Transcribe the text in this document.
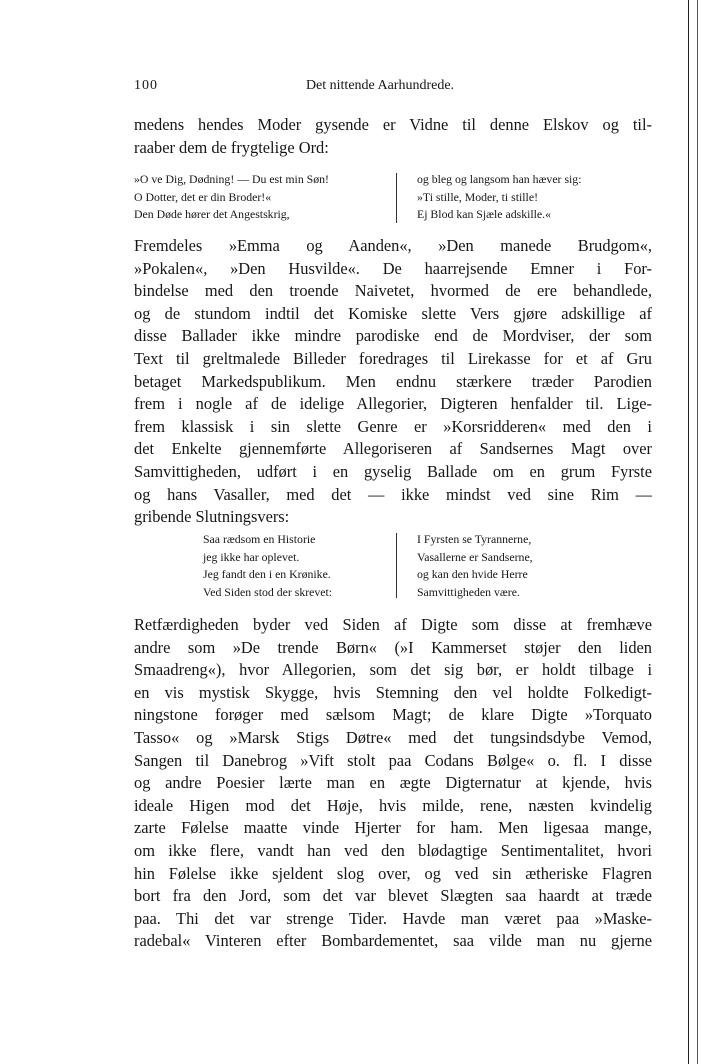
100	Det nittende Aarhundrede.
medens hendes Moder gysende er Vidne til denne Elskov og til-
raaber dem de frygtelige Ord:
»O ve Dig, Dødning! — Du est min Søn!
O Dotter, det er din Broder!«
Den Døde hører det Angestskrig,
og bleg og langsom han hæver sig:
»Ti stille, Moder, ti stille!
Ej Blod kan Sjæle adskille.«
Fremdeles »Emma og Aanden«, »Den manede Brudgom«,
»Pokalen«, »Den Husvilde«. De haarrejsende Emner i For-
bindelse med den troende Naivetet, hvormed de ere behandlede,
og de stundom indtil det Komiske slette Vers gjøre adskillige af
disse Ballader ikke mindre parodiske end de Mordviser, der som
Text til greltmalede Billeder foredrages til Lirekasse for et af Gru
betaget Markedspublikum. Men endnu stærkere træder Parodien
frem i nogle af de idelige Allegorier, Digteren henfalder til. Lige-
frem klassisk i sin slette Genre er »Korsridderen« med den i
det Enkelte gjennemførte Allegoriseren af Sandsernes Magt over
Samvittigheden, udført i en gyselig Ballade om en grum Fyrste
og hans Vasaller, med det — ikke mindst ved sine Rim —
gribende Slutningsvers:
Saa rædsom en Historie
jeg ikke har oplevet.
Jeg fandt den i en Krønike.
Ved Siden stod der skrevet:
I Fyrsten se Tyrannerne,
Vasallerne er Sandserne,
og kan den hvide Herre
Samvittigheden være.
Retfærdigheden byder ved Siden af Digte som disse at fremhæve
andre som »De trende Børn« (»I Kammerset støjer den liden
Smaadreng«), hvor Allegorien, som det sig bør, er holdt tilbage i
en vis mystisk Skygge, hvis Stemning den vel holdte Folkedigt-
ningstone forøger med sælsom Magt; de klare Digte »Torquato
Tasso« og »Marsk Stigs Døtre« med det tungsindsdybe Vemod,
Sangen til Danebrog »Vift stolt paa Codans Bølge« o. fl. I disse
og andre Poesier lærte man en ægte Digternatur at kjende, hvis
ideale Higen mod det Høje, hvis milde, rene, næsten kvindelig
zarte Følelse maatte vinde Hjerter for ham. Men ligesaa mange,
om ikke flere, vandt han ved den blødagtige Sentimentalitet, hvori
hin Følelse ikke sjeldent slog over, og ved sin ætheriske Flagren
bort fra den Jord, som det var blevet Slægten saa haardt at træde
paa. Thi det var strenge Tider. Havde man været paa »Maske-
radebal« Vinteren efter Bombardementet, saa vilde man nu gjerne
